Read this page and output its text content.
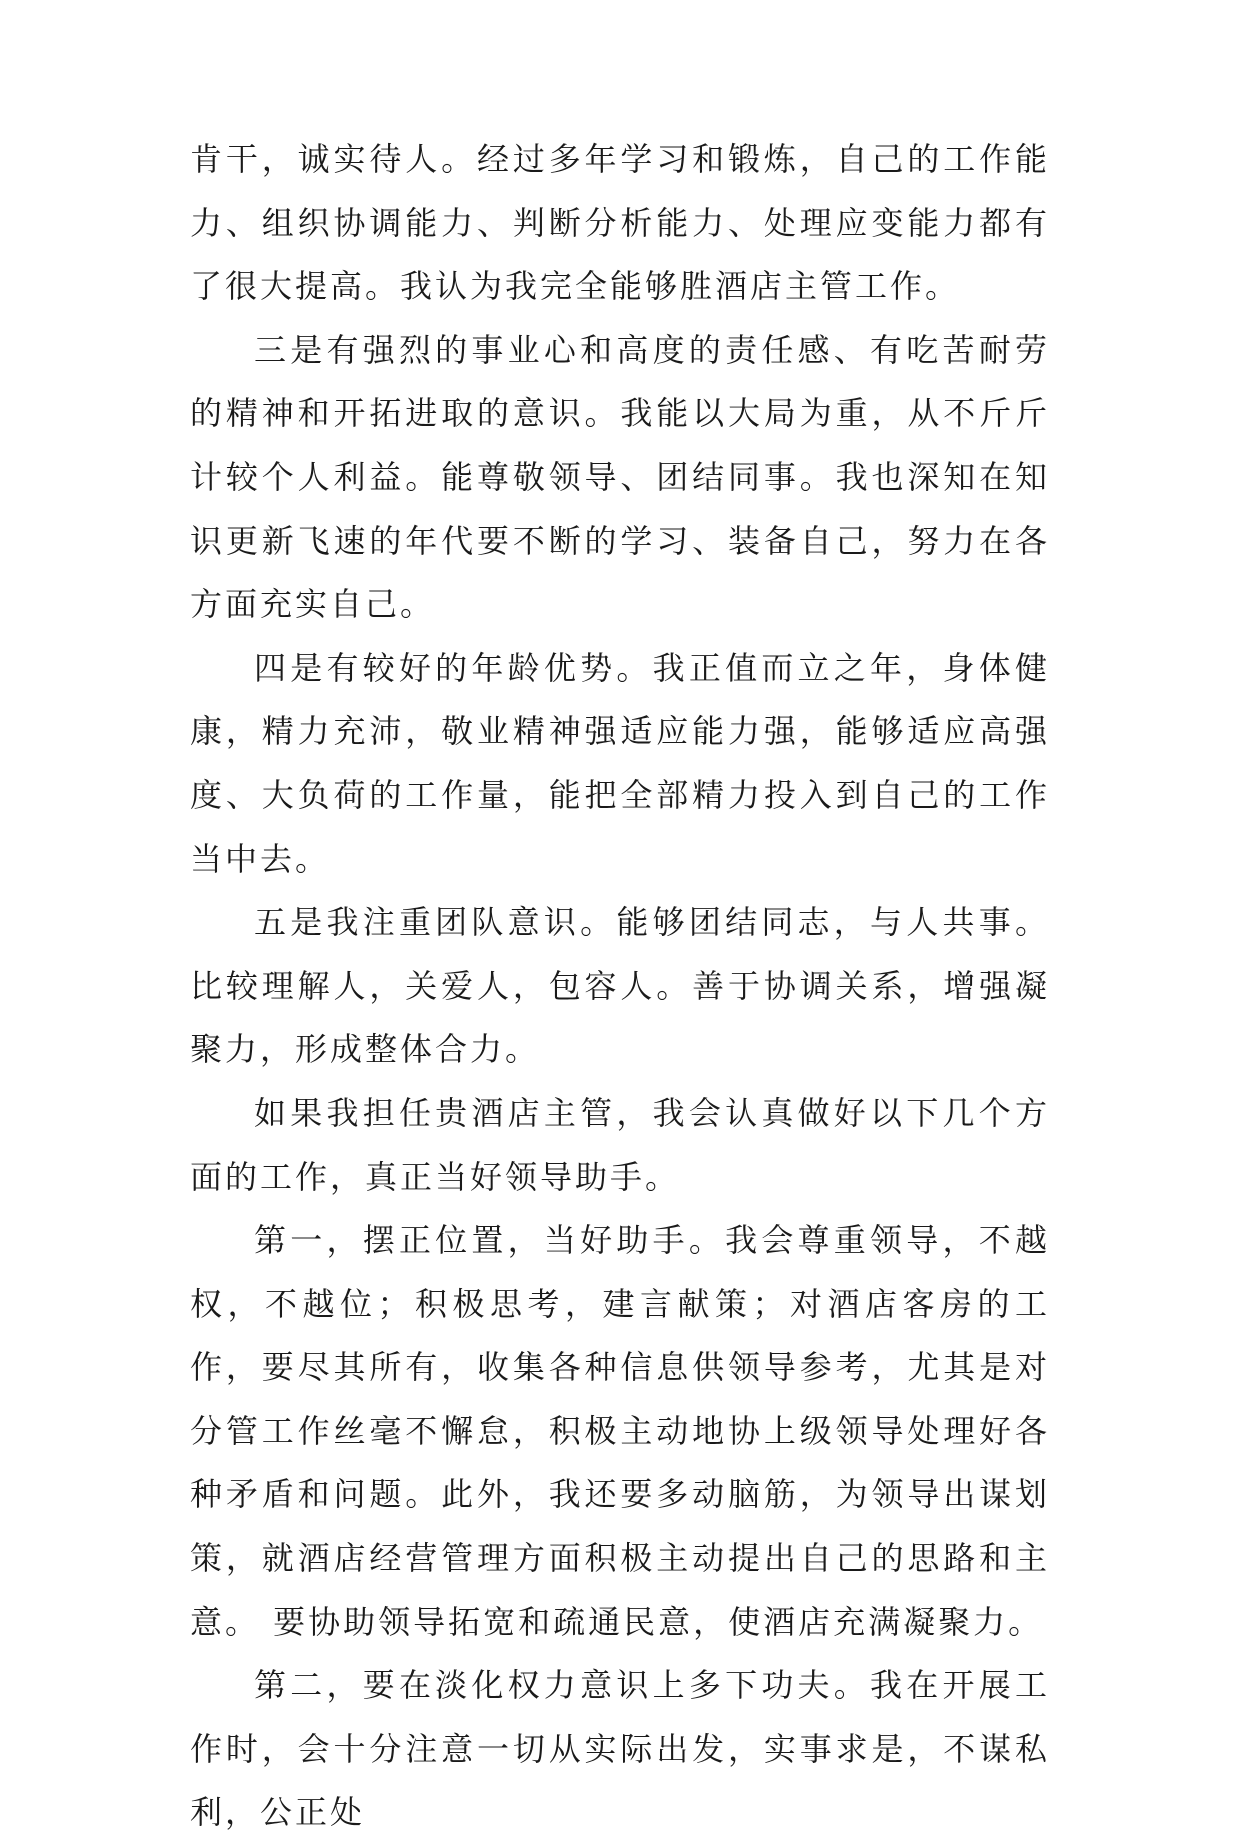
肯干，诚实待人。经过多年学习和锻炼，自己的工作能力、组织协调能力、判断分析能力、处理应变能力都有了很大提高。我认为我完全能够胜酒店主管工作。

三是有强烈的事业心和高度的责任感、有吃苦耐劳的精神和开拓进取的意识。我能以大局为重，从不斤斤计较个人利益。能尊敬领导、团结同事。我也深知在知识更新飞速的年代要不断的学习、装备自己，努力在各方面充实自己。

四是有较好的年龄优势。我正值而立之年，身体健康，精力充沛，敬业精神强适应能力强，能够适应高强度、大负荷的工作量，能把全部精力投入到自己的工作当中去。

五是我注重团队意识。能够团结同志，与人共事。比较理解人，关爱人，包容人。善于协调关系，增强凝聚力，形成整体合力。

如果我担任贵酒店主管，我会认真做好以下几个方面的工作，真正当好领导助手。

第一，摆正位置，当好助手。我会尊重领导，不越权，不越位；积极思考，建言献策；对酒店客房的工作，要尽其所有，收集各种信息供领导参考，尤其是对分管工作丝毫不懈怠，积极主动地协上级领导处理好各种矛盾和问题。此外，我还要多动脑筋，为领导出谋划策，就酒店经营管理方面积极主动提出自己的思路和主意。 要协助领导拓宽和疏通民意，使酒店充满凝聚力。

第二，要在淡化权力意识上多下功夫。我在开展工作时，会十分注意一切从实际出发，实事求是，不谋私利，公正处
